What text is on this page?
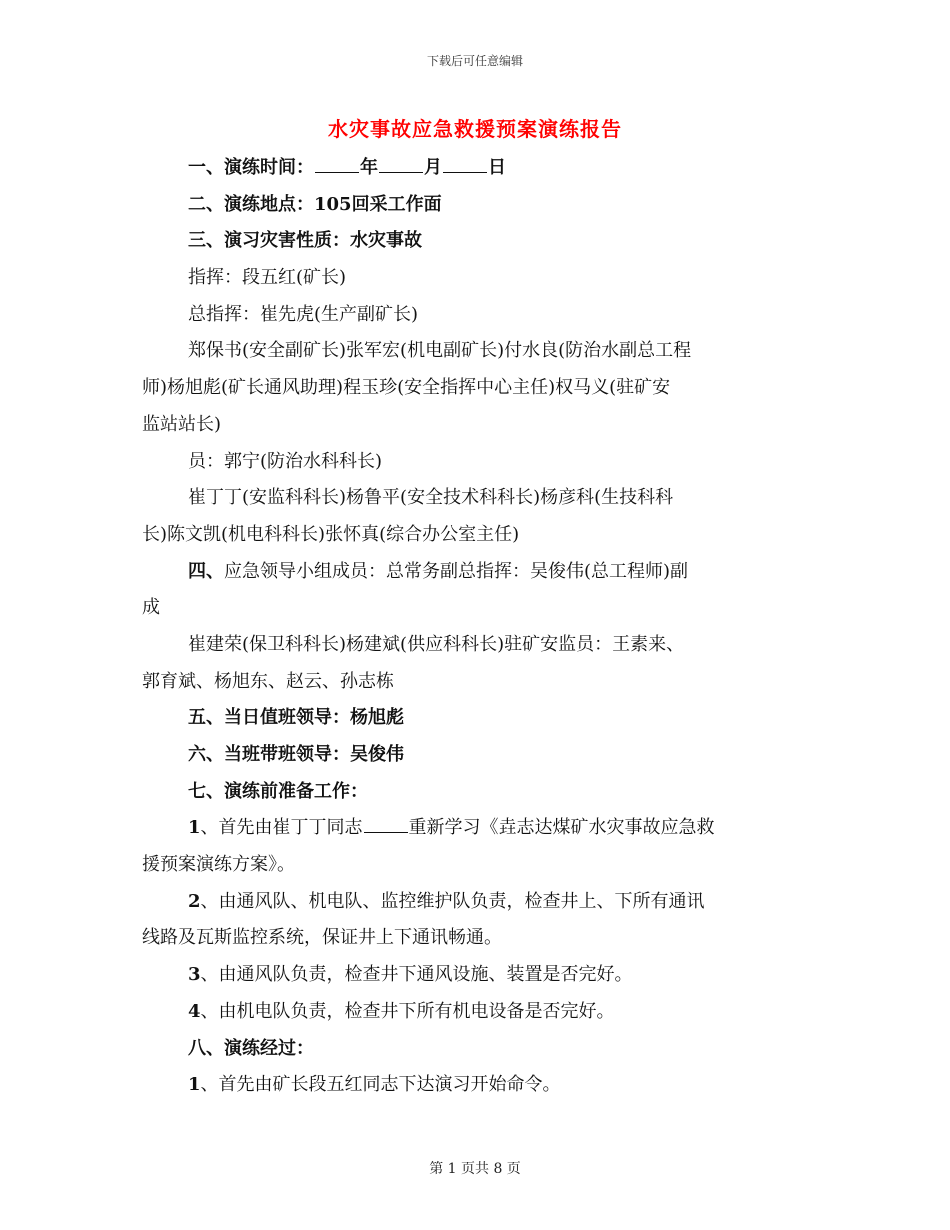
下载后可任意编辑
水灾事故应急救援预案演练报告
一、演练时间：	年	月	日
二、演练地点：105回采工作面
三、演习灾害性质：水灾事故
指挥：段五红(矿长)
总指挥：崔先虎(生产副矿长)
郑保书(安全副矿长)张军宏(机电副矿长)付水良(防治水副总工程
师)杨旭彪(矿长通风助理)程玉珍(安全指挥中心主任)权马义(驻矿安
监站站长)
员：郭宁(防治水科科长)
崔丁丁(安监科科长)杨鲁平(安全技术科科长)杨彦科(生技科科
长)陈文凯(机电科科长)张怀真(综合办公室主任)
四、应急领导小组成员：总常务副总指挥：吴俊伟(总工程师)副
成
崔建荣(保卫科科长)杨建斌(供应科科长)驻矿安监员：王素来、
郭育斌、杨旭东、赵云、孙志栋
五、当日值班领导：杨旭彪
六、当班带班领导：吴俊伟
七、演练前准备工作：
1、首先由崔丁丁同志	重新学习《垚志达煤矿水灾事故应急救
援预案演练方案》。
2、由通风队、机电队、监控维护队负责，检查井上、下所有通讯
线路及瓦斯监控系统，保证井上下通讯畅通。
3、由通风队负责，检查井下通风设施、装置是否完好。
4、由机电队负责，检查井下所有机电设备是否完好。
八、演练经过：
1、首先由矿长段五红同志下达演习开始命令。
第 1 页共 8 页
